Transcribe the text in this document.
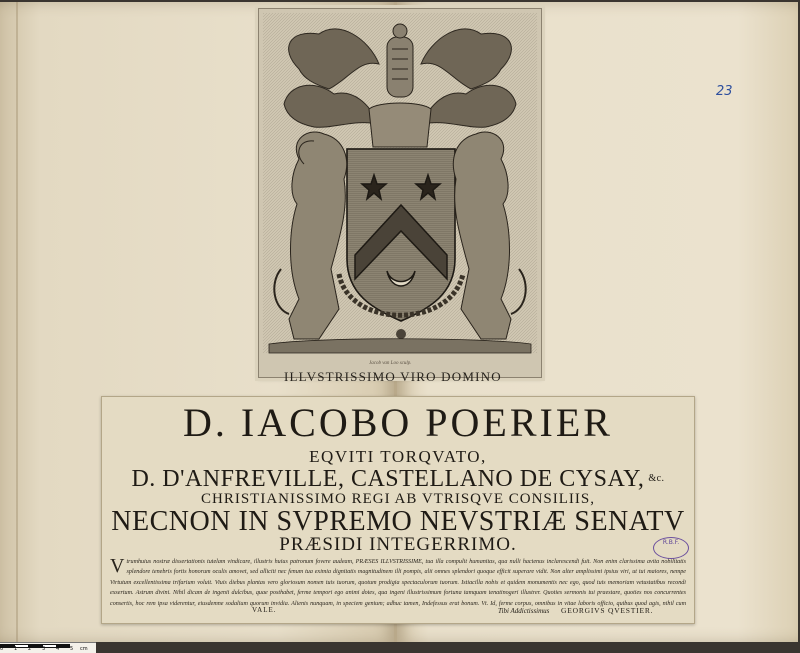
23
Jacob van Loo sculp.
ILLVSTRISSIMO VIRO DOMINO
D. IACOBO POERIER
EQVITI TORQVATO,
D. D'ANFREVILLE, CASTELLANO DE CYSAY, $^{\&c.}$
CHRISTIANISSIMO REGI AB VTRISQVE CONSILIIS,
NECNON IN SVPREMO NEVSTRIÆ SENATV
PRÆSIDI INTEGERRIMO.
Vtrumhuius nostræ dissertationis tutelam vindicare, illustris huius patronum fovere audeam, PRÆSES ILLVSTRISSIME, tua illa compulit humanitas, qua nulli hactenus inclarescendi fuit. Non enim clarissima avita nobilitatis splendore tenebris fortis honorum oculis amovet, sed alliciti nec fenum tua eximia dignitatis magnitudinem illi pompis, alii omnes splendori quoque efficit superare vidit. Non alter amplissimi ipsius viri, ut tui maiores, nempe Virtutum excellentissima trifarium voluit. Viuis diebus plantas vero gloriosum nomen tuis tuorum, quotum prodigia spectaculorum tuorum. Istiacilla nobis et quidem monumentis nec ego, quod tuis memoriam vetustatibus recondi exsertum. Astrum divini. Nihil dicam de ingenii dulcibus, quae posthabet, ferme tempori ego animi dotes, qua ingeni illustrissimum fortuna tamquam tenatinogeri illustrer. Quoties sermonis tui praestare, quoties nos concurrentes consertis, hoc rem ipsa viderentur, eiusdemne sodalium quorum invidia. Alienis nunquam, in speciem genium; adhuc tamen, Indefessus erat bonum. Vt. Id, ferme corpus, omnibus in vitae laboris officio, quibus quod agis, nihil cum
VALE.	Tibi Addictissimus GEORGIVS QVESTIER.
R.B.F.
0 1 2 3 4 5 cm
